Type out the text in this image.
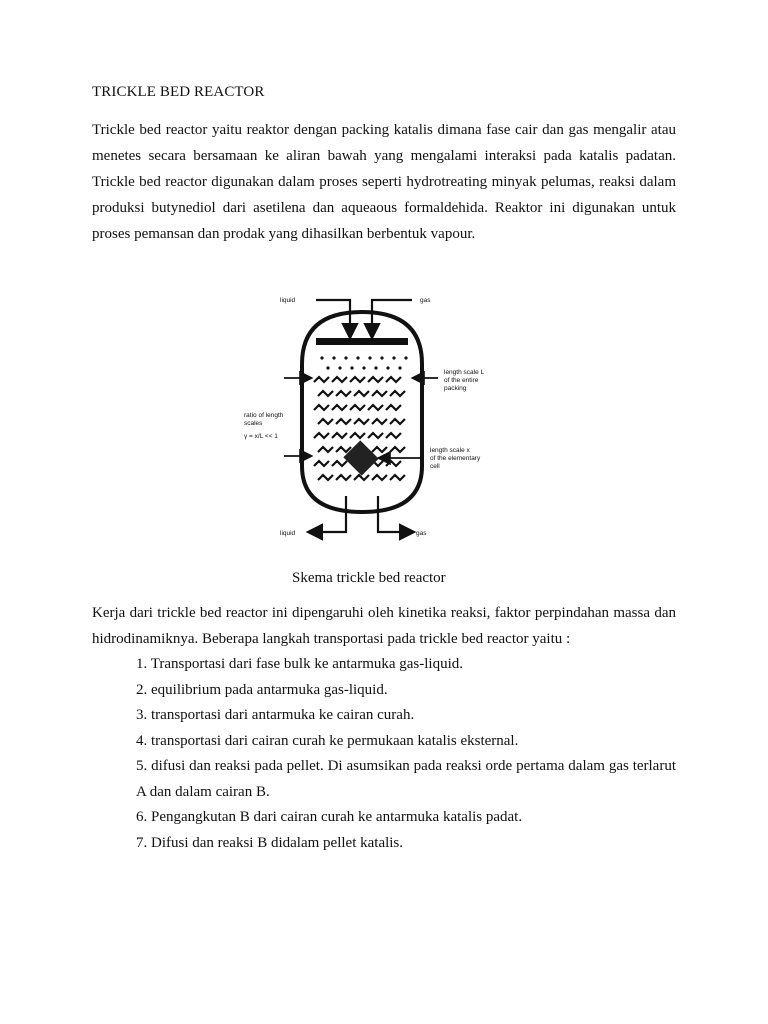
TRICKLE BED REACTOR

Trickle bed reactor yaitu reaktor dengan packing katalis dimana fase cair dan gas mengalir atau menetes secara bersamaan ke aliran bawah yang mengalami interaksi pada katalis padatan. Trickle bed reactor digunakan dalam proses seperti hydrotreating minyak pelumas, reaksi dalam produksi butynediol dari asetilena dan aqueaous formaldehida. Reaktor ini digunakan untuk proses pemansan dan prodak yang dihasilkan berbentuk vapour.

liquid	gas
length scale L
of the entire
packing
length scale x
of the elementary
cell
ratio of length
scales
γ = x/L << 1
liquid	gas
Skema trickle bed reactor

Kerja dari trickle bed reactor ini dipengaruhi oleh kinetika reaksi, faktor perpindahan massa dan hidrodinamiknya. Beberapa langkah transportasi pada trickle bed reactor yaitu :

1. Transportasi dari fase bulk ke antarmuka gas-liquid.
2. equilibrium pada antarmuka gas-liquid.
3. transportasi dari antarmuka ke cairan curah.
4. transportasi dari cairan curah ke permukaan katalis eksternal.
5. difusi dan reaksi pada pellet. Di asumsikan pada reaksi orde pertama dalam gas terlarut A dan dalam cairan B.
6. Pengangkutan B dari cairan curah ke antarmuka katalis padat.
7. Difusi dan reaksi B didalam pellet katalis.
